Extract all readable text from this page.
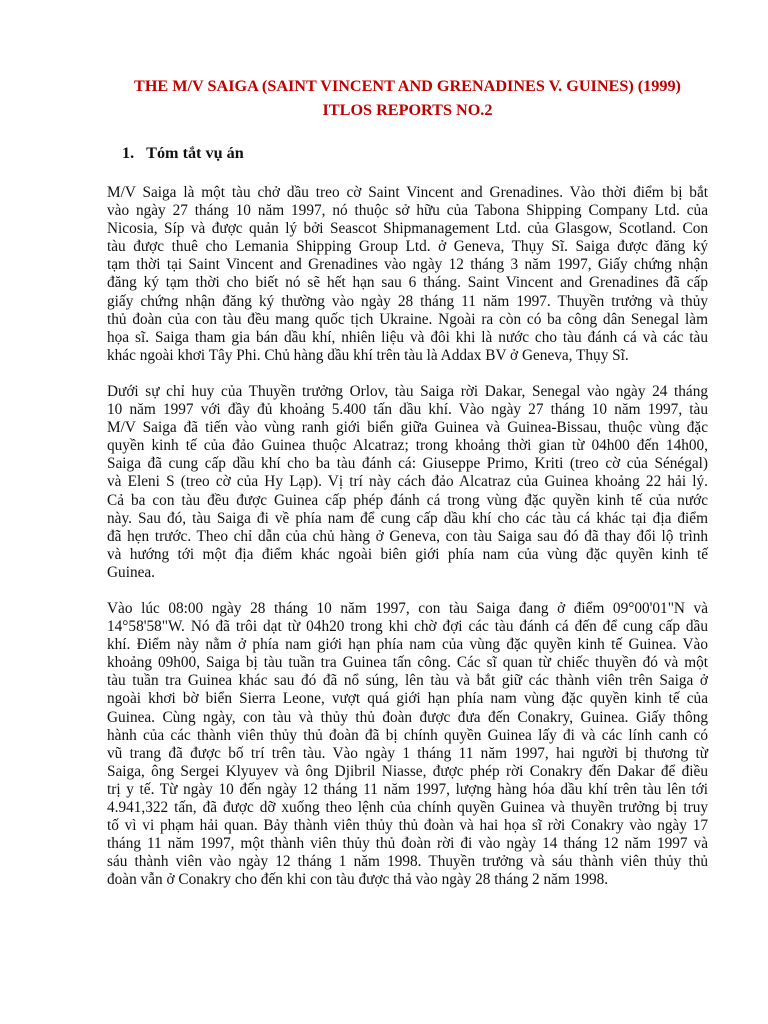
THE M/V SAIGA (SAINT VINCENT AND GRENADINES V. GUINES) (1999)
ITLOS REPORTS NO.2
1. Tóm tắt vụ án

M/V Saiga là một tàu chở dầu treo cờ Saint Vincent and Grenadines. Vào thời điểm bị bắt
vào ngày 27 tháng 10 năm 1997, nó thuộc sở hữu của Tabona Shipping Company Ltd. của
Nicosia, Síp và được quản lý bởi Seascot Shipmanagement Ltd. của Glasgow, Scotland. Con
tàu được thuê cho Lemania Shipping Group Ltd. ở Geneva, Thụy Sĩ. Saiga được đăng ký
tạm thời tại Saint Vincent and Grenadines vào ngày 12 tháng 3 năm 1997, Giấy chứng nhận
đăng ký tạm thời cho biết nó sẽ hết hạn sau 6 tháng. Saint Vincent and Grenadines đã cấp
giấy chứng nhận đăng ký thường vào ngày 28 tháng 11 năm 1997. Thuyền trưởng và thủy
thủ đoàn của con tàu đều mang quốc tịch Ukraine. Ngoài ra còn có ba công dân Senegal làm
họa sĩ. Saiga tham gia bán dầu khí, nhiên liệu và đôi khi là nước cho tàu đánh cá và các tàu
khác ngoài khơi Tây Phi. Chủ hàng dầu khí trên tàu là Addax BV ở Geneva, Thụy Sĩ.

Dưới sự chỉ huy của Thuyền trưởng Orlov, tàu Saiga rời Dakar, Senegal vào ngày 24 tháng
10 năm 1997 với đầy đủ khoảng 5.400 tấn dầu khí. Vào ngày 27 tháng 10 năm 1997, tàu
M/V Saiga đã tiến vào vùng ranh giới biển giữa Guinea và Guinea-Bissau, thuộc vùng đặc
quyền kinh tế của đảo Guinea thuộc Alcatraz; trong khoảng thời gian từ 04h00 đến 14h00,
Saiga đã cung cấp dầu khí cho ba tàu đánh cá: Giuseppe Primo, Kriti (treo cờ của Sénégal)
và Eleni S (treo cờ của Hy Lạp). Vị trí này cách đảo Alcatraz của Guinea khoảng 22 hải lý.
Cả ba con tàu đều được Guinea cấp phép đánh cá trong vùng đặc quyền kinh tế của nước
này. Sau đó, tàu Saiga đi về phía nam để cung cấp dầu khí cho các tàu cá khác tại địa điểm
đã hẹn trước. Theo chỉ dẫn của chủ hàng ở Geneva, con tàu Saiga sau đó đã thay đổi lộ trình
và hướng tới một địa điểm khác ngoài biên giới phía nam của vùng đặc quyền kinh tế
Guinea.

Vào lúc 08:00 ngày 28 tháng 10 năm 1997, con tàu Saiga đang ở điểm 09°00'01"N và
14°58'58"W. Nó đã trôi dạt từ 04h20 trong khi chờ đợi các tàu đánh cá đến để cung cấp dầu
khí. Điểm này nằm ở phía nam giới hạn phía nam của vùng đặc quyền kinh tế Guinea. Vào
khoảng 09h00, Saiga bị tàu tuần tra Guinea tấn công. Các sĩ quan từ chiếc thuyền đó và một
tàu tuần tra Guinea khác sau đó đã nổ súng, lên tàu và bắt giữ các thành viên trên Saiga ở
ngoài khơi bờ biển Sierra Leone, vượt quá giới hạn phía nam vùng đặc quyền kinh tế của
Guinea. Cùng ngày, con tàu và thủy thủ đoàn được đưa đến Conakry, Guinea. Giấy thông
hành của các thành viên thủy thủ đoàn đã bị chính quyền Guinea lấy đi và các lính canh có
vũ trang đã được bố trí trên tàu. Vào ngày 1 tháng 11 năm 1997, hai người bị thương từ
Saiga, ông Sergei Klyuyev và ông Djibril Niasse, được phép rời Conakry đến Dakar để điều
trị y tế. Từ ngày 10 đến ngày 12 tháng 11 năm 1997, lượng hàng hóa dầu khí trên tàu lên tới
4.941,322 tấn, đã được dỡ xuống theo lệnh của chính quyền Guinea và thuyền trưởng bị truy
tố vì vi phạm hải quan. Bảy thành viên thủy thủ đoàn và hai họa sĩ rời Conakry vào ngày 17
tháng 11 năm 1997, một thành viên thủy thủ đoàn rời đi vào ngày 14 tháng 12 năm 1997 và
sáu thành viên vào ngày 12 tháng 1 năm 1998. Thuyền trưởng và sáu thành viên thủy thủ
đoàn vẫn ở Conakry cho đến khi con tàu được thả vào ngày 28 tháng 2 năm 1998.
